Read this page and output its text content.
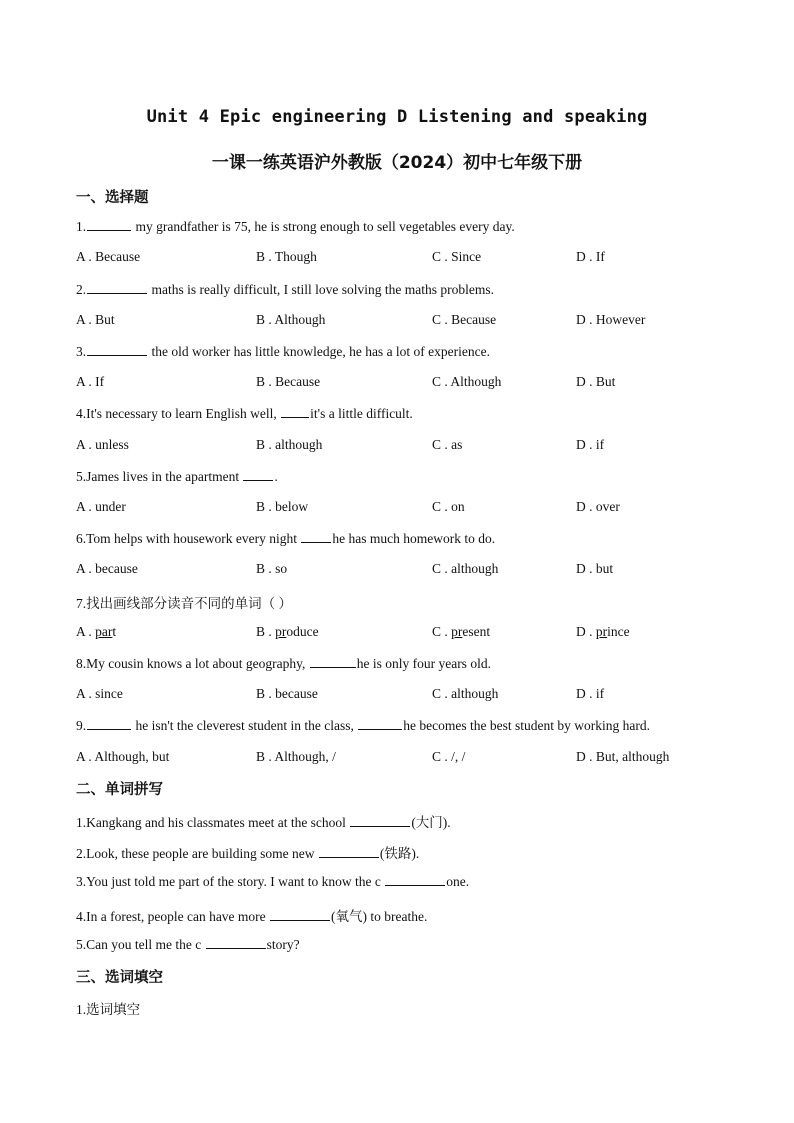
Unit 4 Epic engineering D Listening and speaking
一课一练英语沪外教版（2024）初中七年级下册
一、选择题
1.	my grandfather is 75, he is strong enough to sell vegetables every day.
A . Because	B . Though	C . Since	D . If
2.	maths is really difficult, I still love solving the maths problems.
A . But	B . Although	C . Because	D . However
3.	the old worker has little knowledge, he has a lot of experience.
A . If	B . Because	C . Although	D . But
4.It's necessary to learn English well, it's a little difficult.
A . unless	B . although	C . as	D . if
5.James lives in the apartment .
A . under	B . below	C . on	D . over
6.Tom helps with housework every night he has much homework to do.
A . because	B . so	C . although	D . but
7.找出画线部分读音不同的单词（ ）
A . part	B . produce	C . present	D . prince
8.My cousin knows a lot about geography,	he is only four years old.
A . since	B . because	C . although	D . if
9.	he isn't the cleverest student in the class,	he becomes the best student by working hard.
A . Although, but	B . Although, /	C . /, /	D . But, although
二、单词拼写
1.Kangkang and his classmates meet at the school	(大门).
2.Look, these people are building some new	(铁路).
3.You just told me part of the story. I want to know the c	one.
4.In a forest, people can have more	(氧气) to breathe.
5.Can you tell me the c	story?
三、选词填空
1.选词填空
